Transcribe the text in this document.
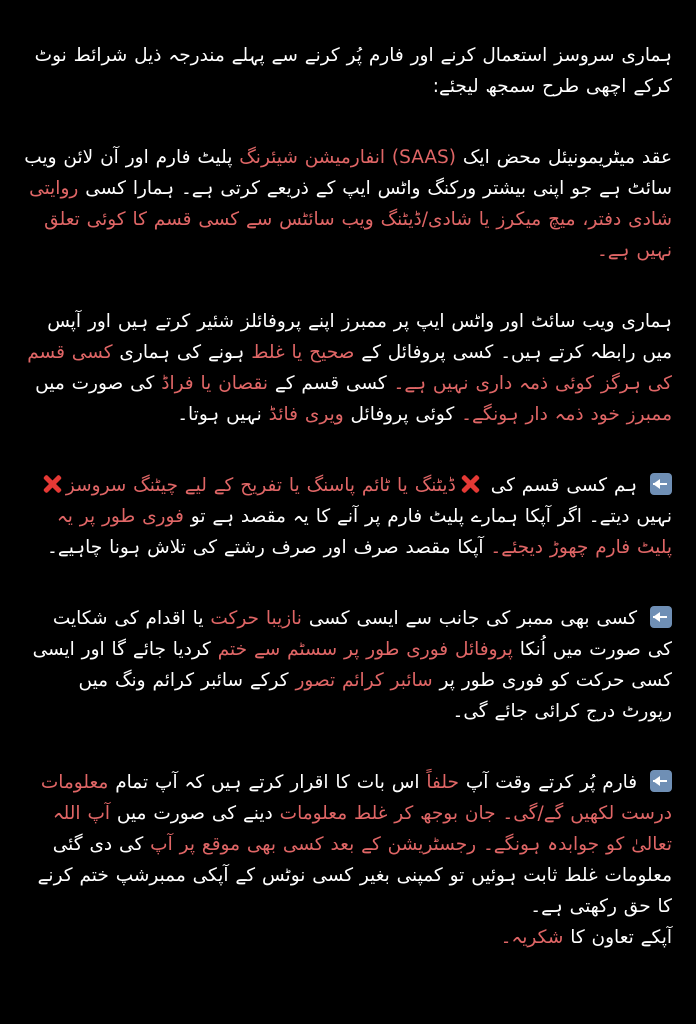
ہماری سروسز استعمال کرنے اور فارم پُر کرنے سے پہلے مندرجہ ذیل شرائط نوٹ کرکے اچھی طرح سمجھ لیجئے:

عقد میٹریمونیئل محض ایک (SAAS) انفارمیشن شیئرنگ پلیٹ فارم اور آن لائن ویب سائٹ ہے جو اپنی بیشتر ورکنگ واٹس ایپ کے ذریعے کرتی ہے۔ ہمارا کسی روایتی شادی دفتر، میچ میکرز یا شادی/ڈیٹنگ ویب سائٹس سے کسی قسم کا کوئی تعلق نہیں ہے۔

ہماری ویب سائٹ اور واٹس ایپ پر ممبرز اپنے پروفائلز شئیر کرتے ہیں اور آپس میں رابطہ کرتے ہیں۔ کسی پروفائل کے صحیح یا غلط ہونے کی ہماری کسی قسم کی ہرگز کوئی ذمہ داری نہیں ہے۔ کسی قسم کے نقصان یا فراڈ کی صورت میں ممبرز خود ذمہ دار ہونگے۔ کوئی پروفائل ویری فائڈ نہیں ہوتا۔

ہم کسی قسم کی ڈیٹنگ یا ٹائم پاسنگ یا تفریح کے لیے چیٹنگ سروسز نہیں دیتے۔ اگر آپکا ہمارے پلیٹ فارم پر آنے کا یہ مقصد ہے تو فوری طور پر یہ پلیٹ فارم چھوڑ دیجئے۔ آپکا مقصد صرف اور صرف رشتے کی تلاش ہونا چاہیے۔

کسی بھی ممبر کی جانب سے ایسی کسی نازیبا حرکت یا اقدام کی شکایت کی صورت میں اُنکا پروفائل فوری طور پر سسٹم سے ختم کردیا جائے گا اور ایسی کسی حرکت کو فوری طور پر سائبر کرائم تصور کرکے سائبر کرائم ونگ میں رپورٹ درج کرائی جائے گی۔

فارم پُر کرتے وقت آپ حلفاً اس بات کا اقرار کرتے ہیں کہ آپ تمام معلومات درست لکھیں گے/گی۔ جان بوجھ کر غلط معلومات دینے کی صورت میں آپ اللہ تعالیٰ کو جوابدہ ہونگے۔ رجسٹریشن کے بعد کسی بھی موقع پر آپ کی دی گئی معلومات غلط ثابت ہوئیں تو کمپنی بغیر کسی نوٹس کے آپکی ممبرشپ ختم کرنے کا حق رکھتی ہے۔

آپکے تعاون کا شکریہ۔
